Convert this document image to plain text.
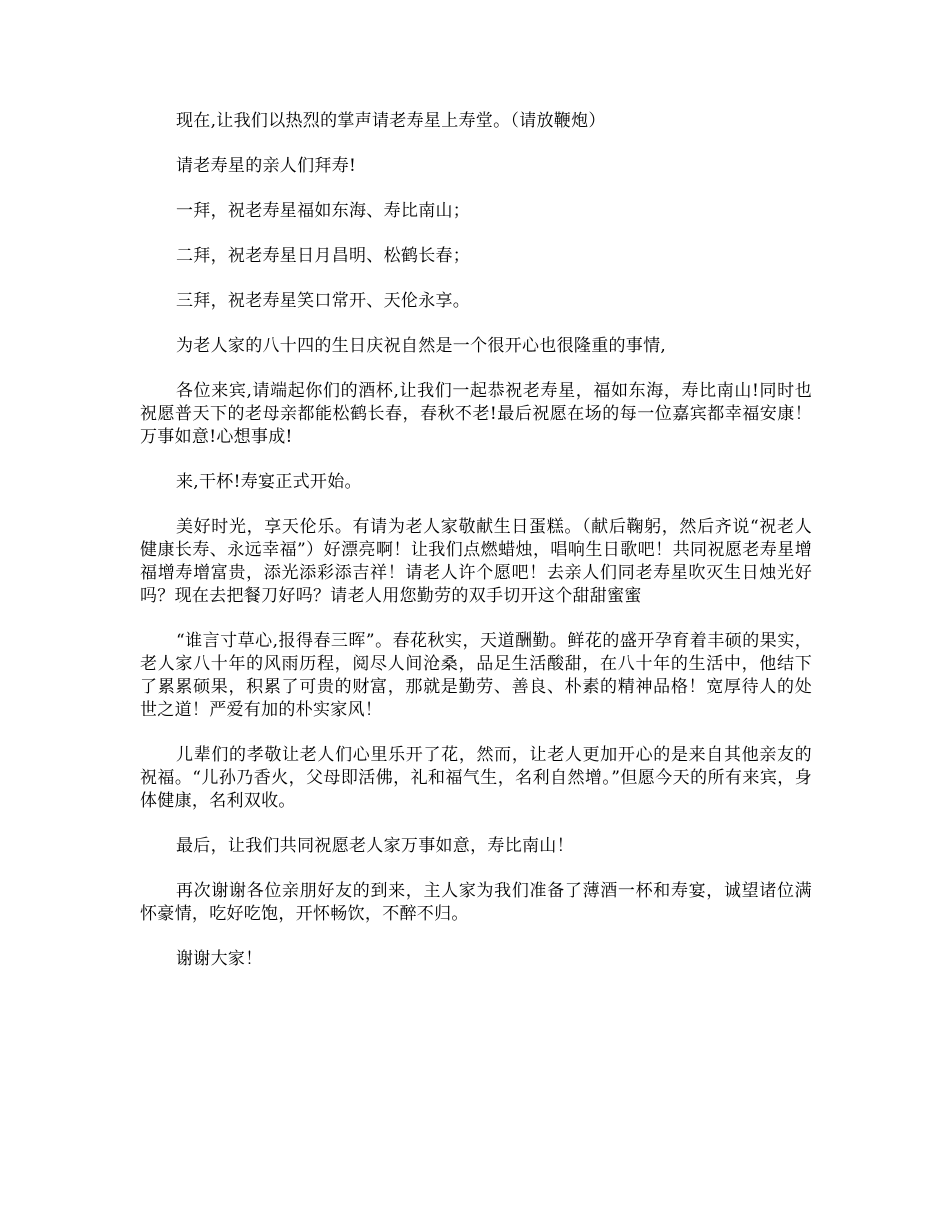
现在,让我们以热烈的掌声请老寿星上寿堂。（请放鞭炮）

请老寿星的亲人们拜寿!

一拜，祝老寿星福如东海、寿比南山；

二拜，祝老寿星日月昌明、松鹤长春；

三拜，祝老寿星笑口常开、天伦永享。

为老人家的八十四的生日庆祝自然是一个很开心也很隆重的事情,

各位来宾,请端起你们的酒杯,让我们一起恭祝老寿星，福如东海，寿比南山!同时也祝愿普天下的老母亲都能松鹤长春，春秋不老!最后祝愿在场的每一位嘉宾都幸福安康！万事如意!心想事成!

来,干杯!寿宴正式开始。

美好时光，享天伦乐。有请为老人家敬献生日蛋糕。（献后鞠躬，然后齐说“祝老人健康长寿、永远幸福”）好漂亮啊！让我们点燃蜡烛，唱响生日歌吧！共同祝愿老寿星增福增寿增富贵，添光添彩添吉祥！请老人许个愿吧！去亲人们同老寿星吹灭生日烛光好吗？现在去把餐刀好吗？请老人用您勤劳的双手切开这个甜甜蜜蜜

“谁言寸草心,报得春三晖”。春花秋实，天道酬勤。鲜花的盛开孕育着丰硕的果实，老人家八十年的风雨历程，阅尽人间沧桑，品足生活酸甜，在八十年的生活中，他结下了累累硕果，积累了可贵的财富，那就是勤劳、善良、朴素的精神品格！宽厚待人的处世之道！严爱有加的朴实家风！

儿辈们的孝敬让老人们心里乐开了花，然而，让老人更加开心的是来自其他亲友的祝福。“儿孙乃香火，父母即活佛，礼和福气生，名利自然增。”但愿今天的所有来宾，身体健康，名利双收。

最后，让我们共同祝愿老人家万事如意，寿比南山！

再次谢谢各位亲朋好友的到来，主人家为我们准备了薄酒一杯和寿宴，诚望诸位满怀豪情，吃好吃饱，开怀畅饮，不醉不归。

谢谢大家！
